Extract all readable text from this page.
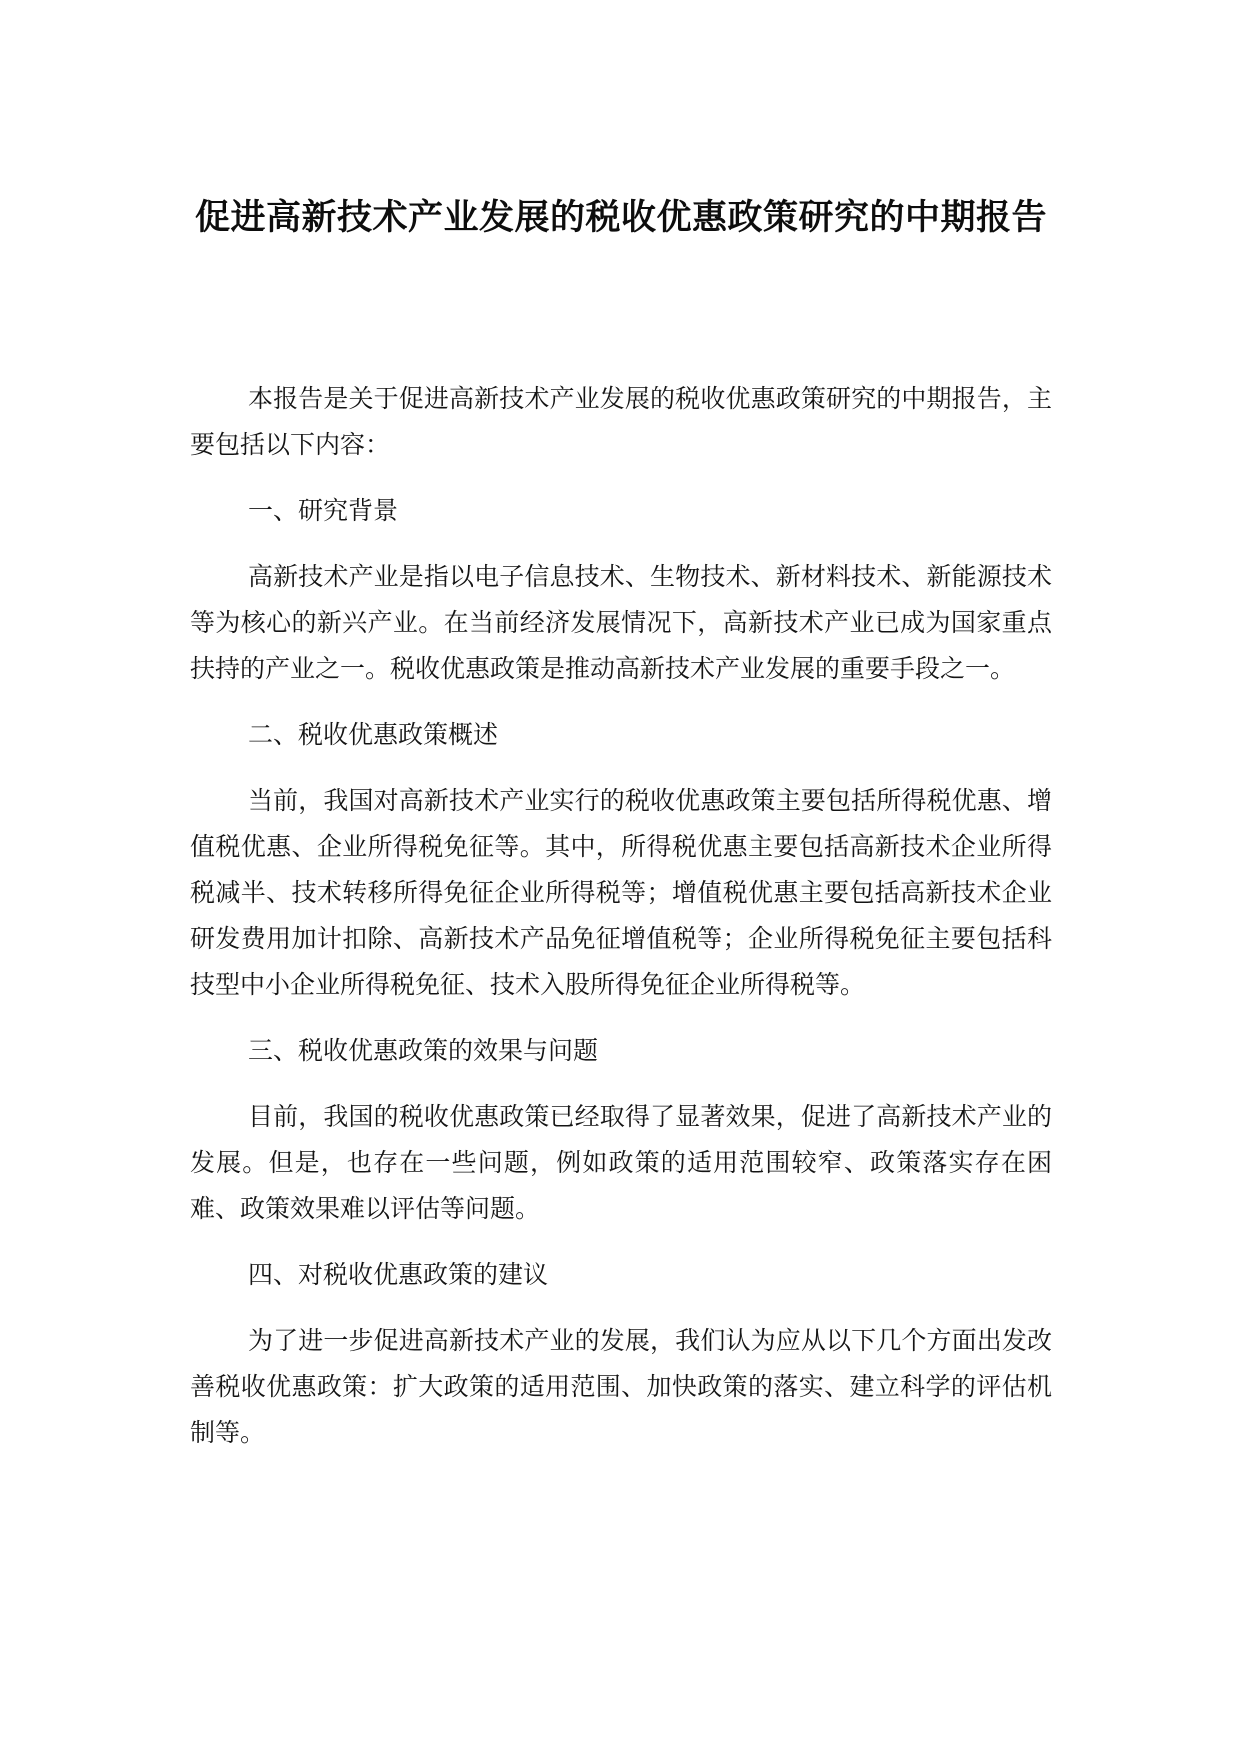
促进高新技术产业发展的税收优惠政策研究的中期报告

本报告是关于促进高新技术产业发展的税收优惠政策研究的中期报告，主要包括以下内容：

一、研究背景

高新技术产业是指以电子信息技术、生物技术、新材料技术、新能源技术等为核心的新兴产业。在当前经济发展情况下，高新技术产业已成为国家重点扶持的产业之一。税收优惠政策是推动高新技术产业发展的重要手段之一。

二、税收优惠政策概述

当前，我国对高新技术产业实行的税收优惠政策主要包括所得税优惠、增值税优惠、企业所得税免征等。其中，所得税优惠主要包括高新技术企业所得税减半、技术转移所得免征企业所得税等；增值税优惠主要包括高新技术企业研发费用加计扣除、高新技术产品免征增值税等；企业所得税免征主要包括科技型中小企业所得税免征、技术入股所得免征企业所得税等。

三、税收优惠政策的效果与问题

目前，我国的税收优惠政策已经取得了显著效果，促进了高新技术产业的发展。但是，也存在一些问题，例如政策的适用范围较窄、政策落实存在困难、政策效果难以评估等问题。

四、对税收优惠政策的建议

为了进一步促进高新技术产业的发展，我们认为应从以下几个方面出发改善税收优惠政策：扩大政策的适用范围、加快政策的落实、建立科学的评估机制等。
